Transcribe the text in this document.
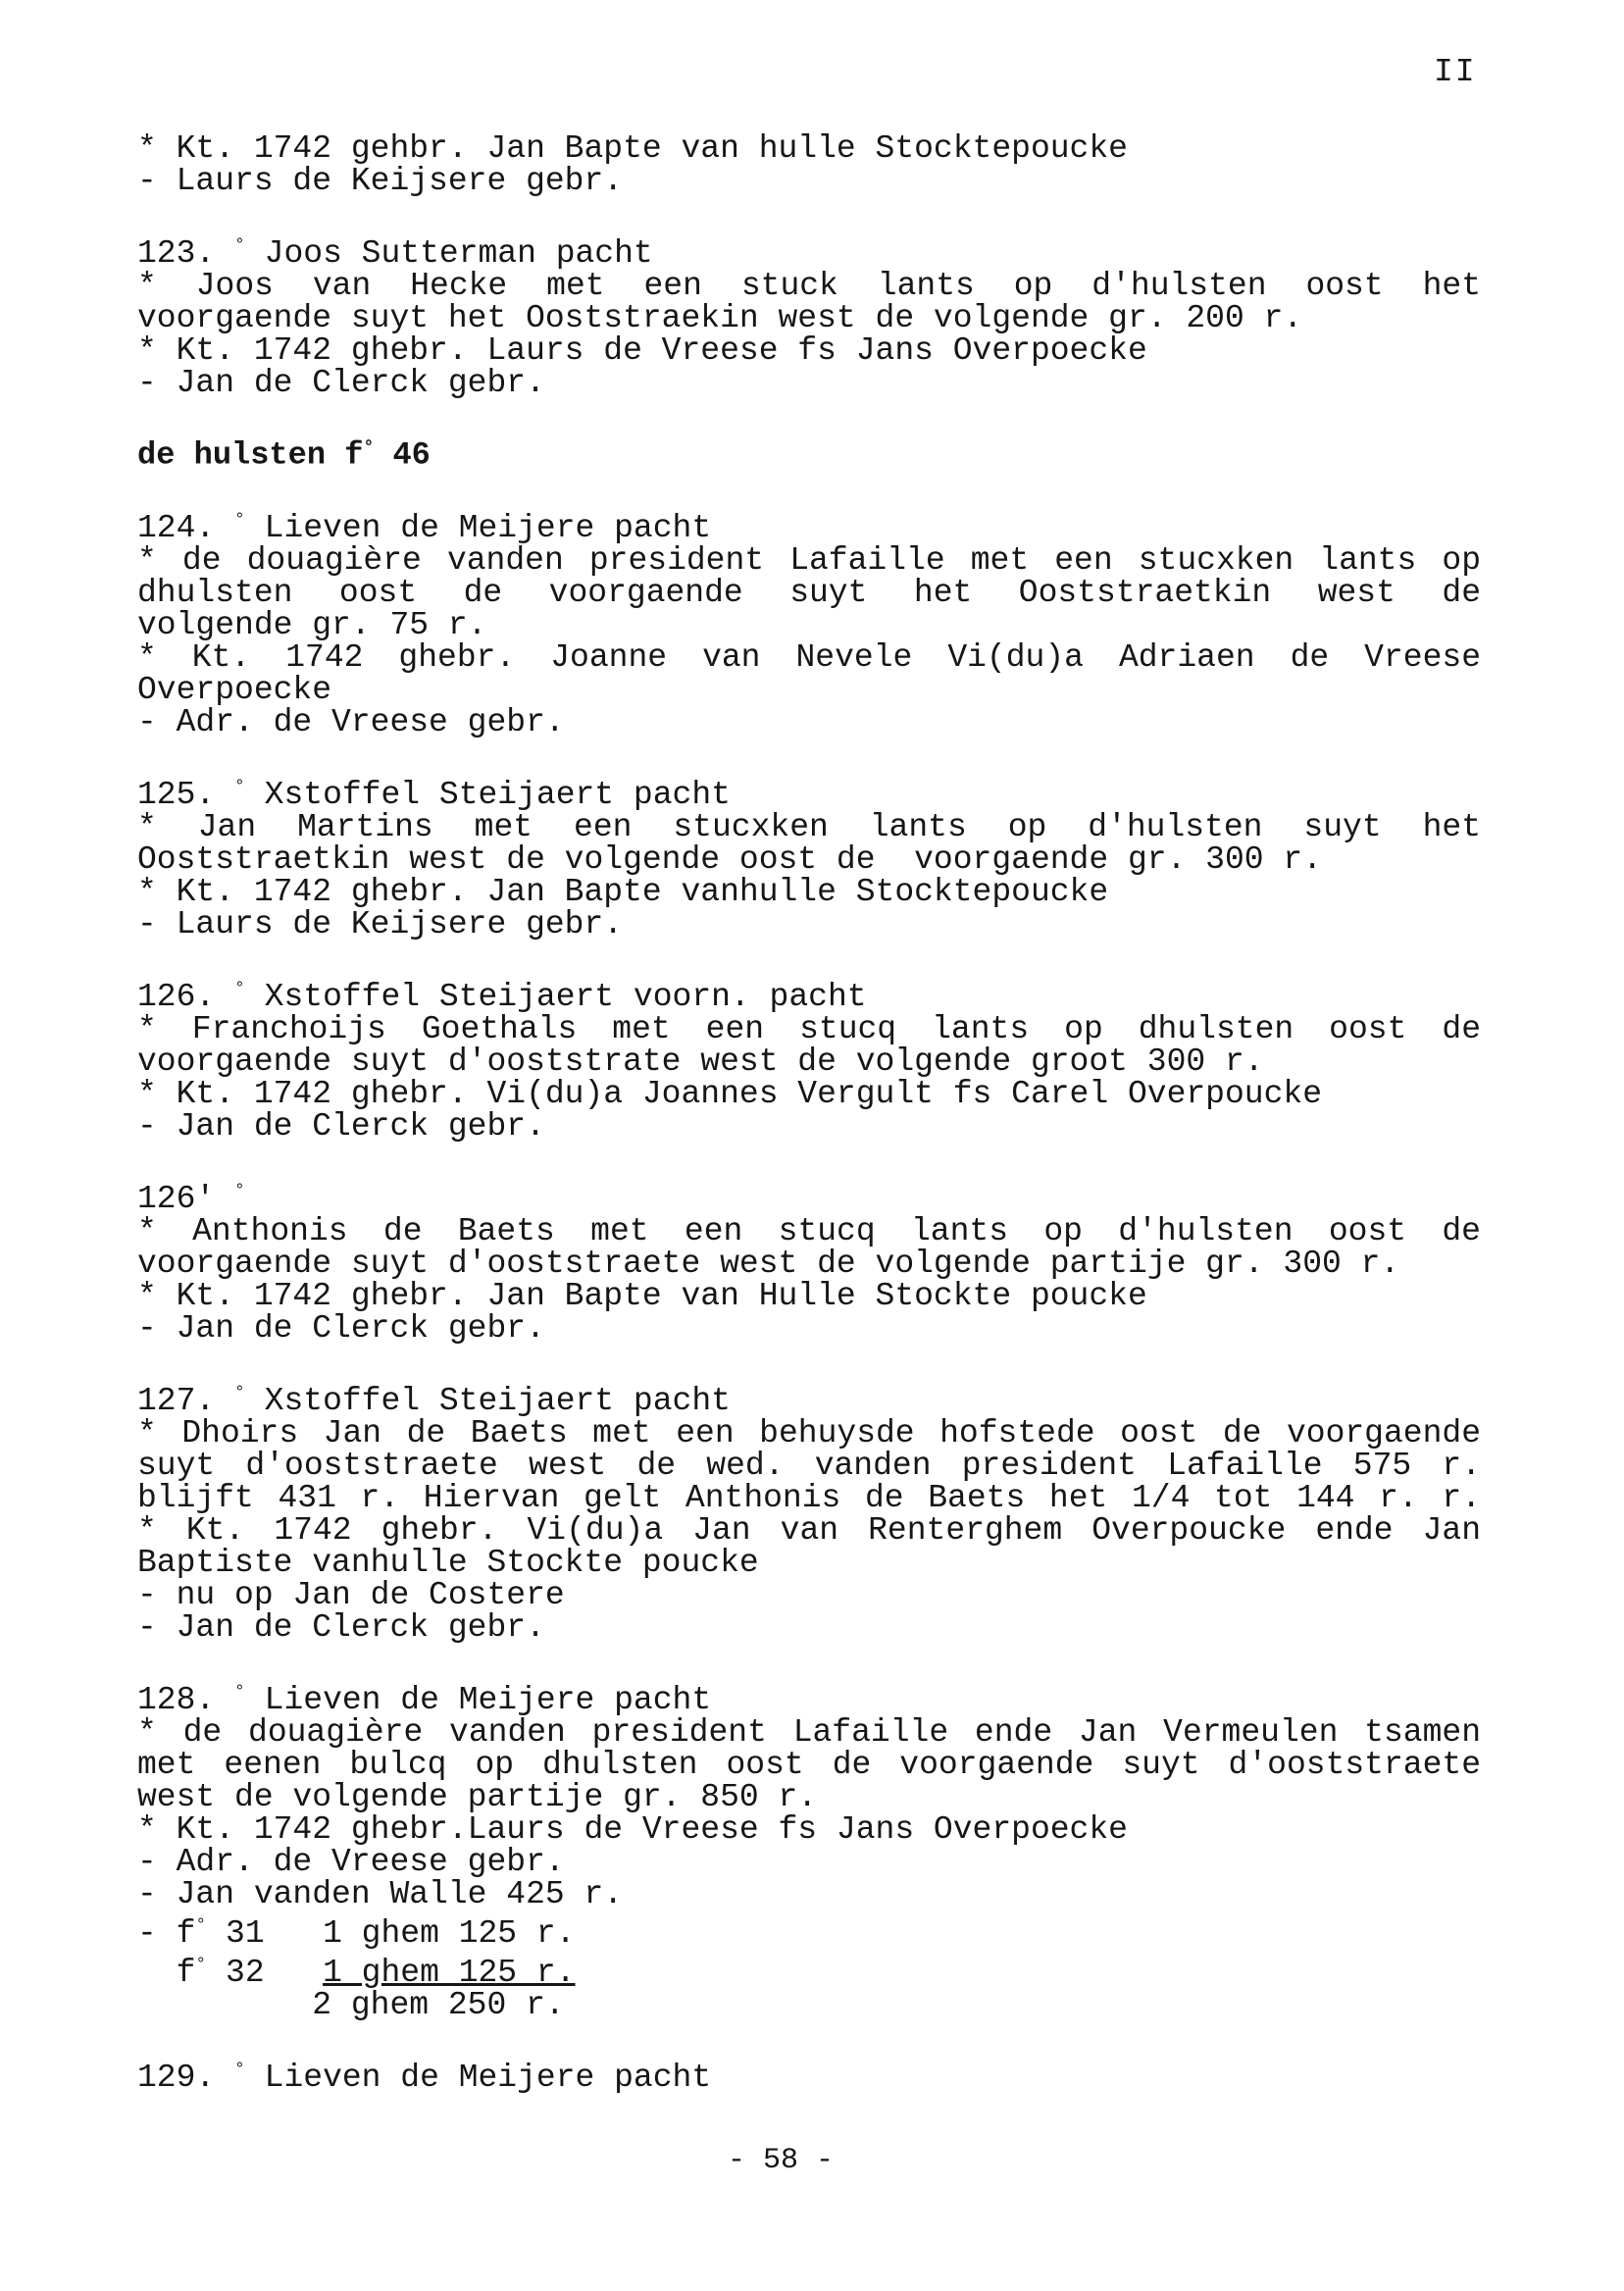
II
* Kt. 1742 gehbr. Jan Bapte van hulle Stocktepoucke
- Laurs de Keijsere gebr.
123. ° Joos Sutterman pacht
* Joos van Hecke met een stuck lants op d'hulsten oost het
voorgaende suyt het Ooststraekin west de volgende gr. 200 r.
* Kt. 1742 ghebr. Laurs de Vreese fs Jans Overpoecke
- Jan de Clerck gebr.
de hulsten f° 46
124. ° Lieven de Meijere pacht
* de douagière vanden president Lafaille met een stucxken lants op
dhulsten oost de voorgaende suyt het Ooststraetkin west de
volgende gr. 75 r.
* Kt. 1742 ghebr. Joanne van Nevele Vi(du)a Adriaen de Vreese
Overpoecke
- Adr. de Vreese gebr.
125. ° Xstoffel Steijaert pacht
* Jan Martins met een stucxken lants op d'hulsten suyt het
Ooststraetkin west de volgende oost de  voorgaende gr. 300 r.
* Kt. 1742 ghebr. Jan Bapte vanhulle Stocktepoucke
- Laurs de Keijsere gebr.
126. ° Xstoffel Steijaert voorn. pacht
* Franchoijs Goethals met een stucq lants op dhulsten oost de
voorgaende suyt d'ooststrate west de volgende groot 300 r.
* Kt. 1742 ghebr. Vi(du)a Joannes Vergult fs Carel Overpoucke
- Jan de Clerck gebr.
126' °
* Anthonis de Baets met een stucq lants op d'hulsten oost de
voorgaende suyt d'ooststraete west de volgende partije gr. 300 r.
* Kt. 1742 ghebr. Jan Bapte van Hulle Stockte poucke
- Jan de Clerck gebr.
127. ° Xstoffel Steijaert pacht
* Dhoirs Jan de Baets met een behuysde hofstede oost de voorgaende
suyt d'ooststraete west de wed. vanden president Lafaille 575 r.
blijft 431 r. Hiervan gelt Anthonis de Baets het 1/4 tot 144 r. r.
* Kt. 1742 ghebr. Vi(du)a Jan van Renterghem Overpoucke ende Jan
Baptiste vanhulle Stockte poucke
- nu op Jan de Costere
- Jan de Clerck gebr.
128. ° Lieven de Meijere pacht
* de douagière vanden president Lafaille ende Jan Vermeulen tsamen
met eenen bulcq op dhulsten oost de voorgaende suyt d'ooststraete
west de volgende partije gr. 850 r.
* Kt. 1742 ghebr.Laurs de Vreese fs Jans Overpoecke
- Adr. de Vreese gebr.
- Jan vanden Walle 425 r.
- f° 31 1 ghem 125 r.
f° 32 1 ghem 125 r.
2 ghem 250 r.
129. ° Lieven de Meijere pacht
- 58 -
